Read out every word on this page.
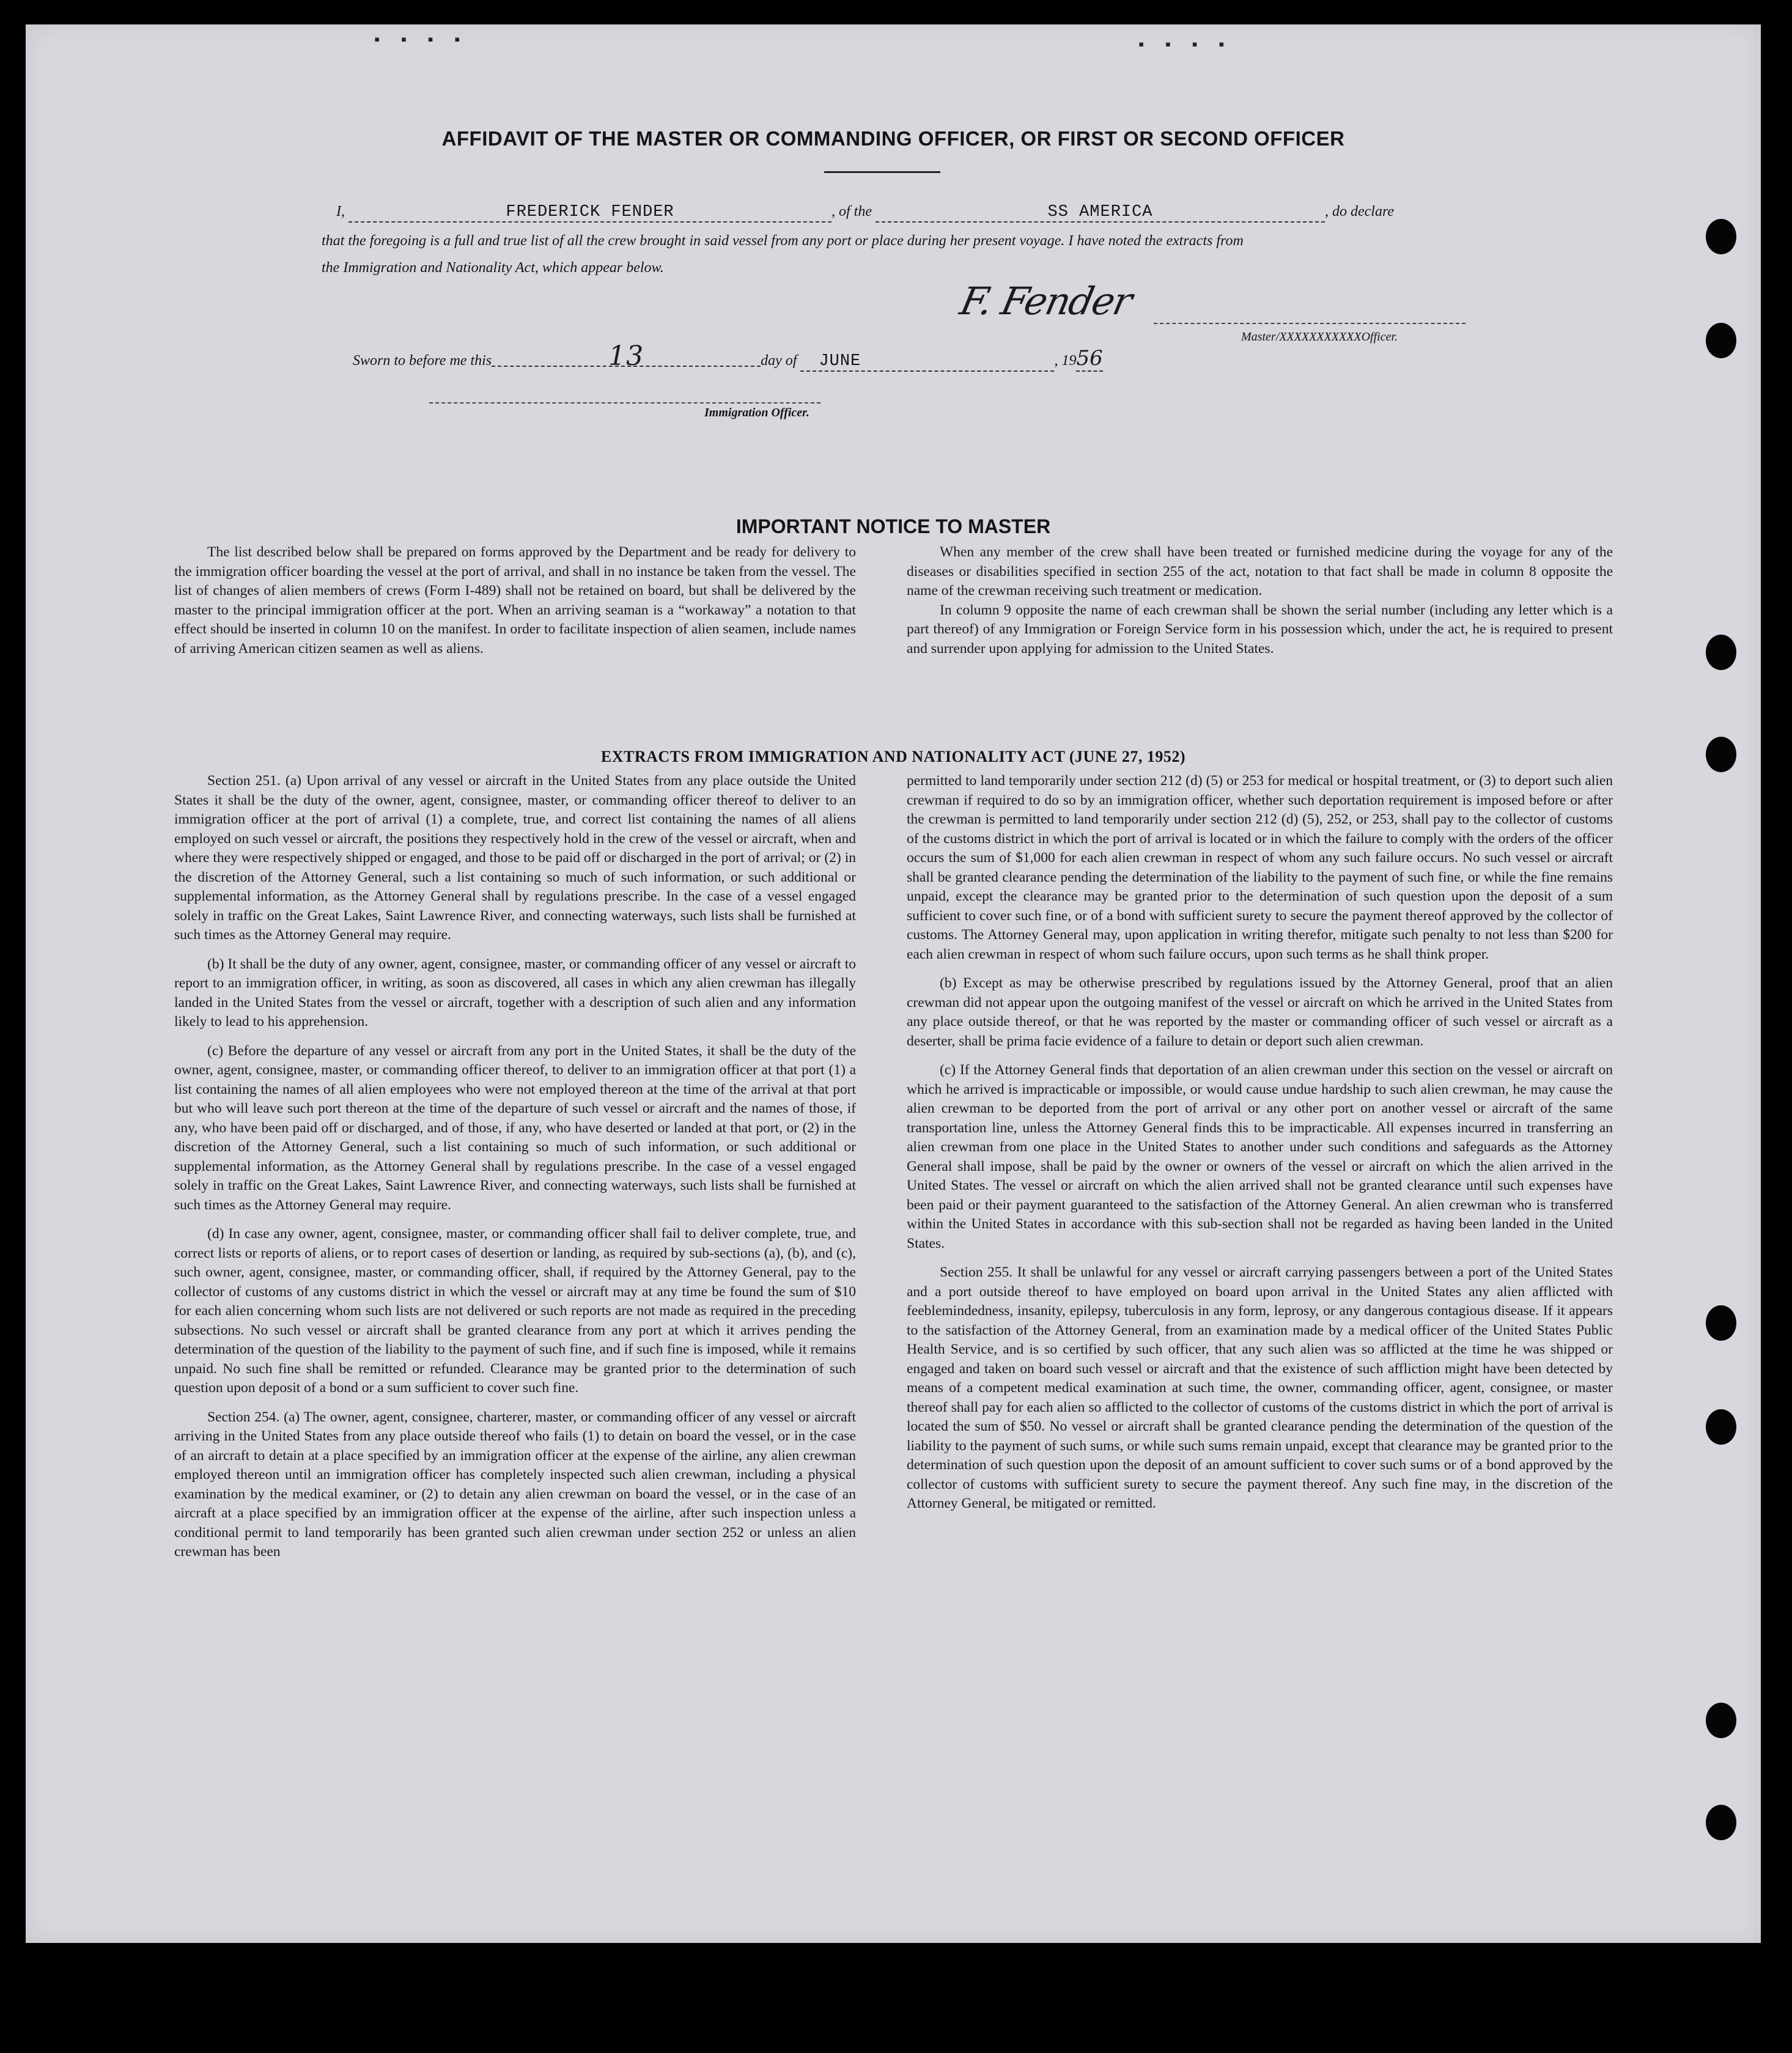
▪ ▪ ▪ ▪	▪ ▪ ▪ ▪
AFFIDAVIT OF THE MASTER OR COMMANDING OFFICER, OR FIRST OR SECOND OFFICER
I,	FREDERICK FENDER	, of the	SS AMERICA	, do declare
that the foregoing is a full and true list of all the crew brought in said vessel from any port or place during her present voyage. I have noted the extracts from
the Immigration and Nationality Act, which appear below.
F. Fender
Master/XXXXXXXXXXXOfficer.
Sworn to before me this	13	day of JUNE	, 1956
Immigration Officer.
IMPORTANT NOTICE TO MASTER

The list described below shall be prepared on forms approved by the Department and be ready for delivery to the immigration officer boarding the vessel at the port of arrival, and shall in no instance be taken from the vessel. The list of changes of alien members of crews (Form I-489) shall not be retained on board, but shall be delivered by the master to the principal immigration officer at the port. When an arriving seaman is a “workaway” a notation to that effect should be inserted in column 10 on the manifest. In order to facilitate inspection of alien seamen, include names of arriving American citizen seamen as well as aliens.

When any member of the crew shall have been treated or furnished medicine during the voyage for any of the diseases or disabilities specified in section 255 of the act, notation to that fact shall be made in column 8 opposite the name of the crewman receiving such treatment or medication.

In column 9 opposite the name of each crewman shall be shown the serial number (including any letter which is a part thereof) of any Immigration or Foreign Service form in his possession which, under the act, he is required to present and surrender upon applying for admission to the United States.

EXTRACTS FROM IMMIGRATION AND NATIONALITY ACT (JUNE 27, 1952)

Section 251. (a) Upon arrival of any vessel or aircraft in the United States from any place outside the United States it shall be the duty of the owner, agent, consignee, master, or commanding officer thereof to deliver to an immigration officer at the port of arrival (1) a complete, true, and correct list containing the names of all aliens employed on such vessel or aircraft, the positions they respectively hold in the crew of the vessel or aircraft, when and where they were respectively shipped or engaged, and those to be paid off or discharged in the port of arrival; or (2) in the discretion of the Attorney General, such a list containing so much of such information, or such additional or supplemental information, as the Attorney General shall by regulations prescribe. In the case of a vessel engaged solely in traffic on the Great Lakes, Saint Lawrence River, and connecting waterways, such lists shall be furnished at such times as the Attorney General may require.

(b) It shall be the duty of any owner, agent, consignee, master, or commanding officer of any vessel or aircraft to report to an immigration officer, in writing, as soon as discovered, all cases in which any alien crewman has illegally landed in the United States from the vessel or aircraft, together with a description of such alien and any information likely to lead to his apprehension.

(c) Before the departure of any vessel or aircraft from any port in the United States, it shall be the duty of the owner, agent, consignee, master, or commanding officer thereof, to deliver to an immigration officer at that port (1) a list containing the names of all alien employees who were not employed thereon at the time of the arrival at that port but who will leave such port thereon at the time of the departure of such vessel or aircraft and the names of those, if any, who have been paid off or discharged, and of those, if any, who have deserted or landed at that port, or (2) in the discretion of the Attorney General, such a list containing so much of such information, or such additional or supplemental information, as the Attorney General shall by regulations prescribe. In the case of a vessel engaged solely in traffic on the Great Lakes, Saint Lawrence River, and connecting waterways, such lists shall be furnished at such times as the Attorney General may require.

(d) In case any owner, agent, consignee, master, or commanding officer shall fail to deliver complete, true, and correct lists or reports of aliens, or to report cases of desertion or landing, as required by sub-sections (a), (b), and (c), such owner, agent, consignee, master, or commanding officer, shall, if required by the Attorney General, pay to the collector of customs of any customs district in which the vessel or aircraft may at any time be found the sum of $10 for each alien concerning whom such lists are not delivered or such reports are not made as required in the preceding subsections. No such vessel or aircraft shall be granted clearance from any port at which it arrives pending the determination of the question of the liability to the payment of such fine, and if such fine is imposed, while it remains unpaid. No such fine shall be remitted or refunded. Clearance may be granted prior to the determination of such question upon deposit of a bond or a sum sufficient to cover such fine.

Section 254. (a) The owner, agent, consignee, charterer, master, or commanding officer of any vessel or aircraft arriving in the United States from any place outside thereof who fails (1) to detain on board the vessel, or in the case of an aircraft to detain at a place specified by an immigration officer at the expense of the airline, any alien crewman employed thereon until an immigration officer has completely inspected such alien crewman, including a physical examination by the medical examiner, or (2) to detain any alien crewman on board the vessel, or in the case of an aircraft at a place specified by an immigration officer at the expense of the airline, after such inspection unless a conditional permit to land temporarily has been granted such alien crewman under section 252 or unless an alien crewman has been

permitted to land temporarily under section 212 (d) (5) or 253 for medical or hospital treatment, or (3) to deport such alien crewman if required to do so by an immigration officer, whether such deportation requirement is imposed before or after the crewman is permitted to land temporarily under section 212 (d) (5), 252, or 253, shall pay to the collector of customs of the customs district in which the port of arrival is located or in which the failure to comply with the orders of the officer occurs the sum of $1,000 for each alien crewman in respect of whom any such failure occurs. No such vessel or aircraft shall be granted clearance pending the determination of the liability to the payment of such fine, or while the fine remains unpaid, except the clearance may be granted prior to the determination of such question upon the deposit of a sum sufficient to cover such fine, or of a bond with sufficient surety to secure the payment thereof approved by the collector of customs. The Attorney General may, upon application in writing therefor, mitigate such penalty to not less than $200 for each alien crewman in respect of whom such failure occurs, upon such terms as he shall think proper.

(b) Except as may be otherwise prescribed by regulations issued by the Attorney General, proof that an alien crewman did not appear upon the outgoing manifest of the vessel or aircraft on which he arrived in the United States from any place outside thereof, or that he was reported by the master or commanding officer of such vessel or aircraft as a deserter, shall be prima facie evidence of a failure to detain or deport such alien crewman.

(c) If the Attorney General finds that deportation of an alien crewman under this section on the vessel or aircraft on which he arrived is impracticable or impossible, or would cause undue hardship to such alien crewman, he may cause the alien crewman to be deported from the port of arrival or any other port on another vessel or aircraft of the same transportation line, unless the Attorney General finds this to be impracticable. All expenses incurred in transferring an alien crewman from one place in the United States to another under such conditions and safeguards as the Attorney General shall impose, shall be paid by the owner or owners of the vessel or aircraft on which the alien arrived in the United States. The vessel or aircraft on which the alien arrived shall not be granted clearance until such expenses have been paid or their payment guaranteed to the satisfaction of the Attorney General. An alien crewman who is transferred within the United States in accordance with this sub-section shall not be regarded as having been landed in the United States.

Section 255. It shall be unlawful for any vessel or aircraft carrying passengers between a port of the United States and a port outside thereof to have employed on board upon arrival in the United States any alien afflicted with feeblemindedness, insanity, epilepsy, tuberculosis in any form, leprosy, or any dangerous contagious disease. If it appears to the satisfaction of the Attorney General, from an examination made by a medical officer of the United States Public Health Service, and is so certified by such officer, that any such alien was so afflicted at the time he was shipped or engaged and taken on board such vessel or aircraft and that the existence of such affliction might have been detected by means of a competent medical examination at such time, the owner, commanding officer, agent, consignee, or master thereof shall pay for each alien so afflicted to the collector of customs of the customs district in which the port of arrival is located the sum of $50. No vessel or aircraft shall be granted clearance pending the determination of the question of the liability to the payment of such sums, or while such sums remain unpaid, except that clearance may be granted prior to the determination of such question upon the deposit of an amount sufficient to cover such sums or of a bond approved by the collector of customs with sufficient surety to secure the payment thereof. Any such fine may, in the discretion of the Attorney General, be mitigated or remitted.
